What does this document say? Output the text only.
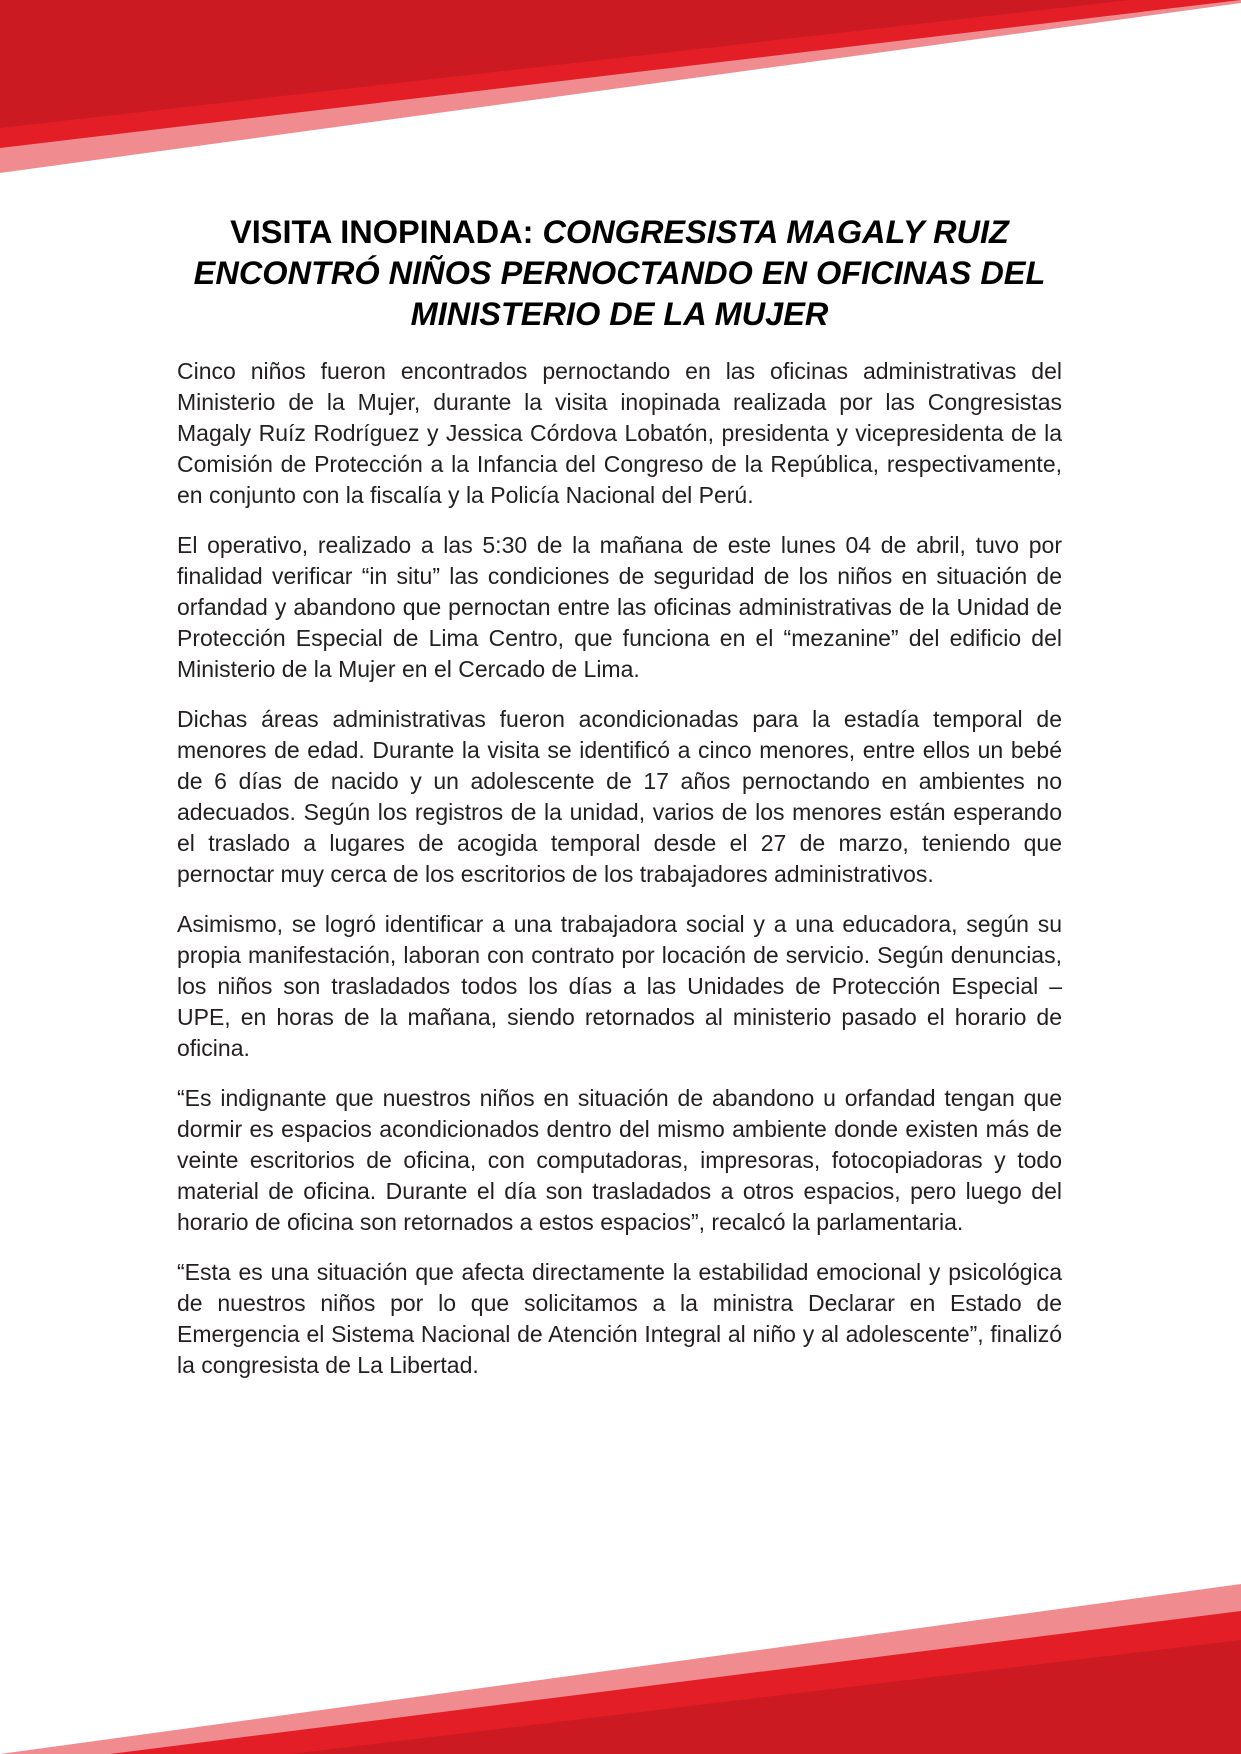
VISITA INOPINADA: CONGRESISTA MAGALY RUIZ ENCONTRÓ NIÑOS PERNOCTANDO EN OFICINAS DEL MINISTERIO DE LA MUJER

Cinco niños fueron encontrados pernoctando en las oficinas administrativas del Ministerio de la Mujer, durante la visita inopinada realizada por las Congresistas Magaly Ruíz Rodríguez y Jessica Córdova Lobatón, presidenta y vicepresidenta de la Comisión de Protección a la Infancia del Congreso de la República, respectivamente, en conjunto con la fiscalía y la Policía Nacional del Perú.

El operativo, realizado a las 5:30 de la mañana de este lunes 04 de abril, tuvo por finalidad verificar “in situ” las condiciones de seguridad de los niños en situación de orfandad y abandono que pernoctan entre las oficinas administrativas de la Unidad de Protección Especial de Lima Centro, que funciona en el “mezanine” del edificio del Ministerio de la Mujer en el Cercado de Lima.

Dichas áreas administrativas fueron acondicionadas para la estadía temporal de menores de edad. Durante la visita se identificó a cinco menores, entre ellos un bebé de 6 días de nacido y un adolescente de 17 años pernoctando en ambientes no adecuados. Según los registros de la unidad, varios de los menores están esperando el traslado a lugares de acogida temporal desde el 27 de marzo, teniendo que pernoctar muy cerca de los escritorios de los trabajadores administrativos.

Asimismo, se logró identificar a una trabajadora social y a una educadora, según su propia manifestación, laboran con contrato por locación de servicio. Según denuncias, los niños son trasladados todos los días a las Unidades de Protección Especial – UPE, en horas de la mañana, siendo retornados al ministerio pasado el horario de oficina.

“Es indignante que nuestros niños en situación de abandono u orfandad tengan que dormir es espacios acondicionados dentro del mismo ambiente donde existen más de veinte escritorios de oficina, con computadoras, impresoras, fotocopiadoras y todo material de oficina. Durante el día son trasladados a otros espacios, pero luego del horario de oficina son retornados a estos espacios”, recalcó la parlamentaria.

“Esta es una situación que afecta directamente la estabilidad emocional y psicológica de nuestros niños por lo que solicitamos a la ministra Declarar en Estado de Emergencia el Sistema Nacional de Atención Integral al niño y al adolescente”, finalizó la congresista de La Libertad.
